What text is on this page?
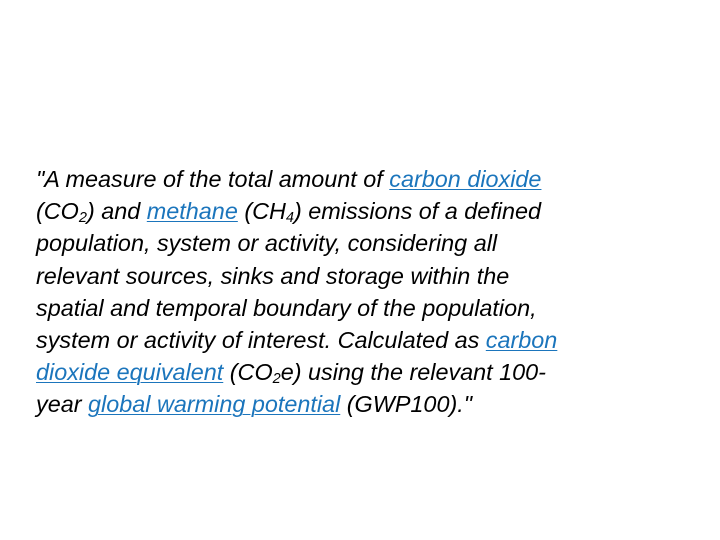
"A measure of the total amount of carbon dioxide
$(CO_2)$ and methane $(CH_4)$ emissions of a defined
population, system or activity, considering all
relevant sources, sinks and storage within the
spatial and temporal boundary of the population,
system or activity of interest. Calculated as carbon
dioxide equivalent $(CO_2e)$ using the relevant 100-
year global warming potential (GWP100)."
